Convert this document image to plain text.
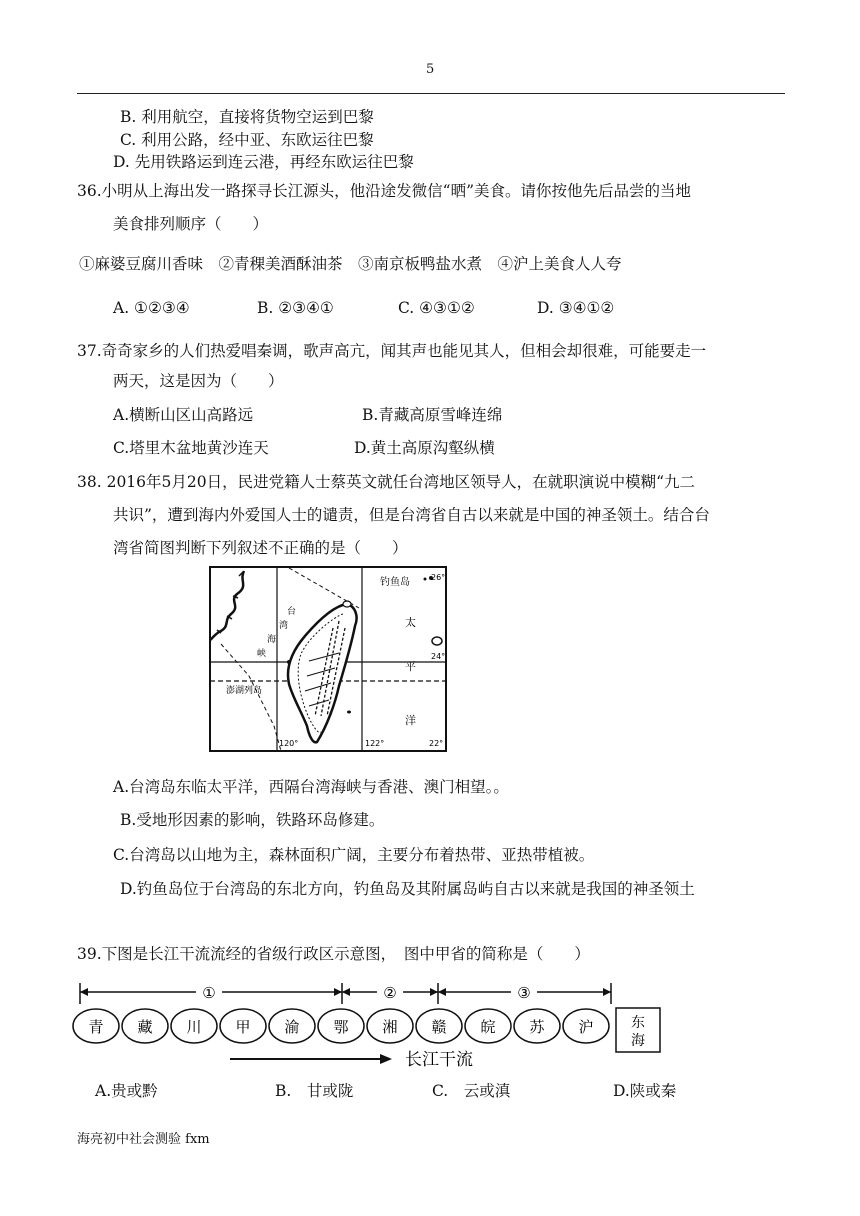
5
B. 利用航空，直接将货物空运到巴黎
C. 利用公路，经中亚、东欧运往巴黎
D. 先用铁路运到连云港，再经东欧运往巴黎
36.小明从上海出发一路探寻长江源头，他沿途发微信“晒”美食。请你按他先后品尝的当地
美食排列顺序（　　）
①麻婆豆腐川香味　②青稞美酒酥油茶　③南京板鸭盐水煮　④沪上美食人人夸
A. ①②③④	B. ②③④①	C. ④③①②	D. ③④①②
37.奇奇家乡的人们热爱唱秦调，歌声高亢，闻其声也能见其人，但相会却很难，可能要走一
两天，这是因为（　　）
A.横断山区山高路远	B.青藏高原雪峰连绵
C.塔里木盆地黄沙连天	D.黄土高原沟壑纵横
38. 2016年5月20日，民进党籍人士蔡英文就任台湾地区领导人，在就职演说中模糊“九二
共识”，遭到海内外爱国人士的谴责，但是台湾省自古以来就是中国的神圣领土。结合台
湾省简图判断下列叙述不正确的是（　　）
钓鱼岛	26°
24°
22°
120°	122°
太
平
洋
台
湾
海
峡
澎湖列岛
A.台湾岛东临太平洋，西隔台湾海峡与香港、澳门相望。。
B.受地形因素的影响，铁路环岛修建。
C.台湾岛以山地为主，森林面积广阔，主要分布着热带、亚热带植被。
D.钓鱼岛位于台湾岛的东北方向，钓鱼岛及其附属岛屿自古以来就是我国的神圣领土
39.下图是长江干流流经的省级行政区示意图，　图中甲省的简称是（　　）
①	②	③
青 藏 川 甲 渝 鄂 湘 赣 皖 苏 沪	东
海
长江干流
A.贵或黔	B.　甘或陇	C.　云或滇	D.陕或秦
海亮初中社会测验 fxm
